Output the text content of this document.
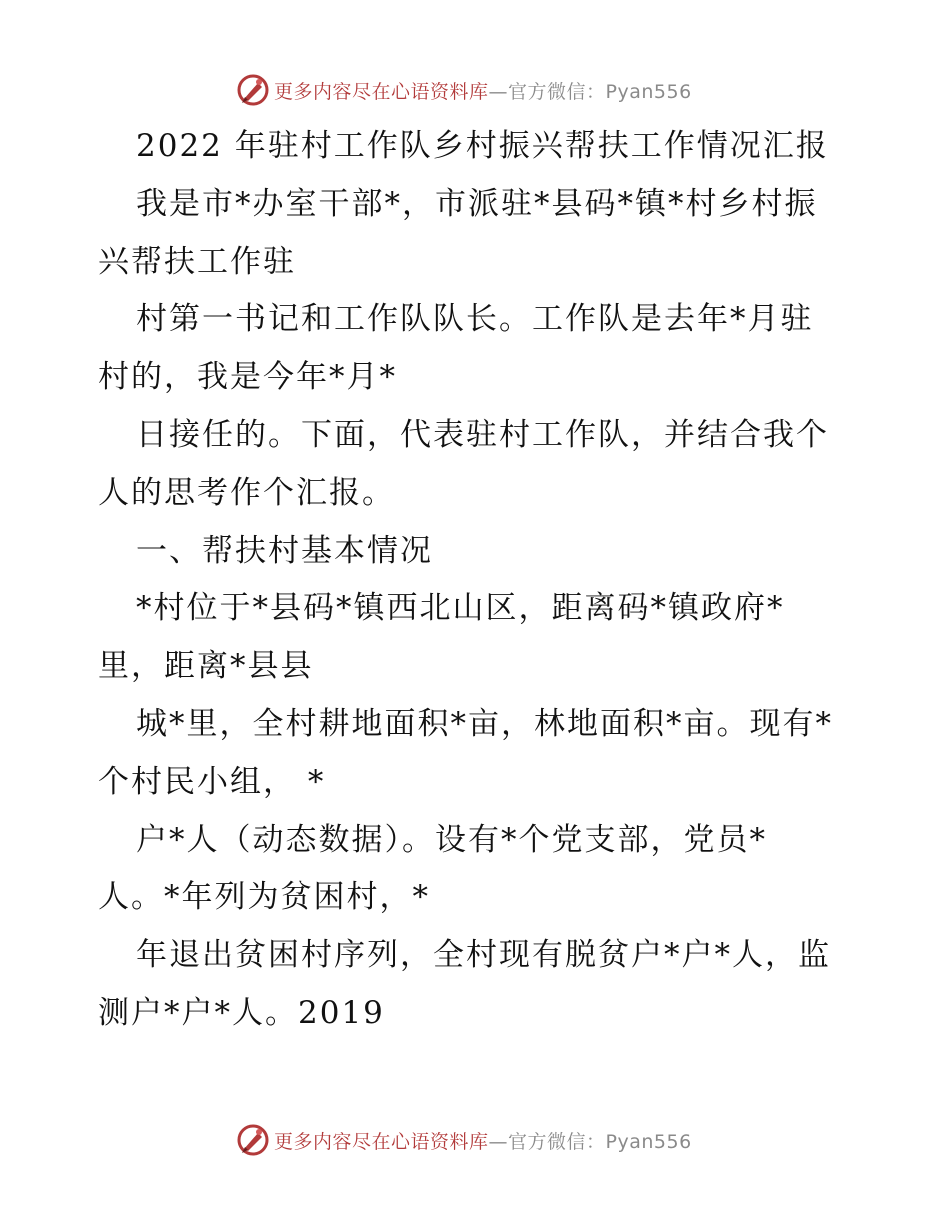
更多内容尽在心语资料库—官方微信：Pyan556
2022 年驻村工作队乡村振兴帮扶工作情况汇报
我是市*办室干部*，市派驻*县码*镇*村乡村振
兴帮扶工作驻
村第一书记和工作队队长。工作队是去年*月驻
村的，我是今年*月*
日接任的。下面，代表驻村工作队，并结合我个
人的思考作个汇报。
一、帮扶村基本情况
*村位于*县码*镇西北山区，距离码*镇政府*
里，距离*县县
城*里，全村耕地面积*亩，林地面积*亩。现有*
个村民小组， *
户*人（动态数据）。设有*个党支部，党员*
人。*年列为贫困村，*
年退出贫困村序列，全村现有脱贫户*户*人，监
测户*户*人。2019
更多内容尽在心语资料库—官方微信：Pyan556
